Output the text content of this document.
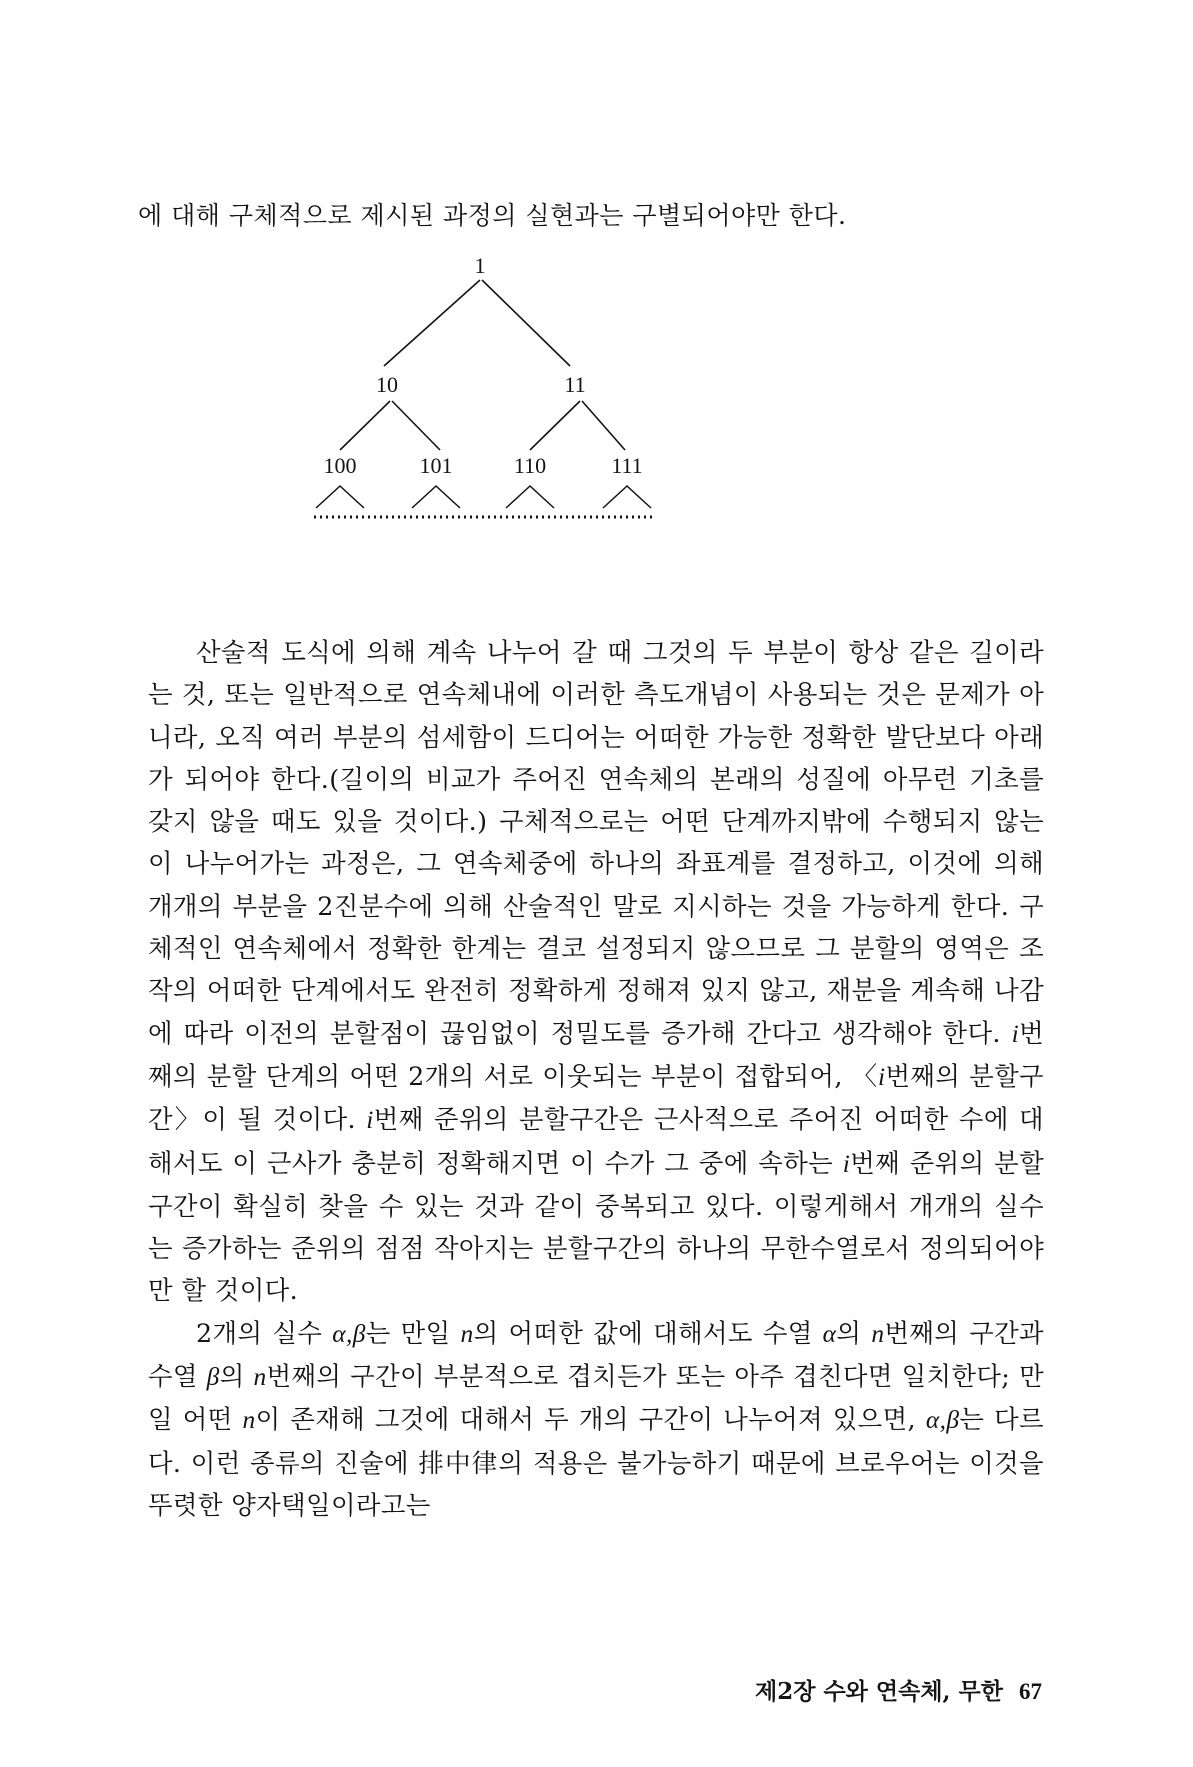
에 대해 구체적으로 제시된 과정의 실현과는 구별되어야만 한다.
1
10	11
100	101	110	111

산술적 도식에 의해 계속 나누어 갈 때 그것의 두 부분이 항상 같은 길이라는 것, 또는 일반적으로 연속체내에 이러한 측도개념이 사용되는 것은 문제가 아니라, 오직 여러 부분의 섬세함이 드디어는 어떠한 가능한 정확한 발단보다 아래가 되어야 한다.(길이의 비교가 주어진 연속체의 본래의 성질에 아무런 기초를 갖지 않을 때도 있을 것이다.) 구체적으로는 어떤 단계까지밖에 수행되지 않는 이 나누어가는 과정은, 그 연속체중에 하나의 좌표계를 결정하고, 이것에 의해 개개의 부분을 2진분수에 의해 산술적인 말로 지시하는 것을 가능하게 한다. 구체적인 연속체에서 정확한 한계는 결코 설정되지 않으므로 그 분할의 영역은 조작의 어떠한 단계에서도 완전히 정확하게 정해져 있지 않고, 재분을 계속해 나감에 따라 이전의 분할점이 끊임없이 정밀도를 증가해 간다고 생각해야 한다. i번째의 분할 단계의 어떤 2개의 서로 이웃되는 부분이 접합되어, 〈i번째의 분할구간〉이 될 것이다. i번째 준위의 분할구간은 근사적으로 주어진 어떠한 수에 대해서도 이 근사가 충분히 정확해지면 이 수가 그 중에 속하는 i번째 준위의 분할구간이 확실히 찾을 수 있는 것과 같이 중복되고 있다. 이렇게해서 개개의 실수는 증가하는 준위의 점점 작아지는 분할구간의 하나의 무한수열로서 정의되어야만 할 것이다.

2개의 실수 α,β는 만일 n의 어떠한 값에 대해서도 수열 α의 n번째의 구간과 수열 β의 n번째의 구간이 부분적으로 겹치든가 또는 아주 겹친다면 일치한다; 만일 어떤 n이 존재해 그것에 대해서 두 개의 구간이 나누어져 있으면, α,β는 다르다. 이런 종류의 진술에 排中律의 적용은 불가능하기 때문에 브로우어는 이것을 뚜렷한 양자택일이라고는

제2장 수와 연속체, 무한 67
